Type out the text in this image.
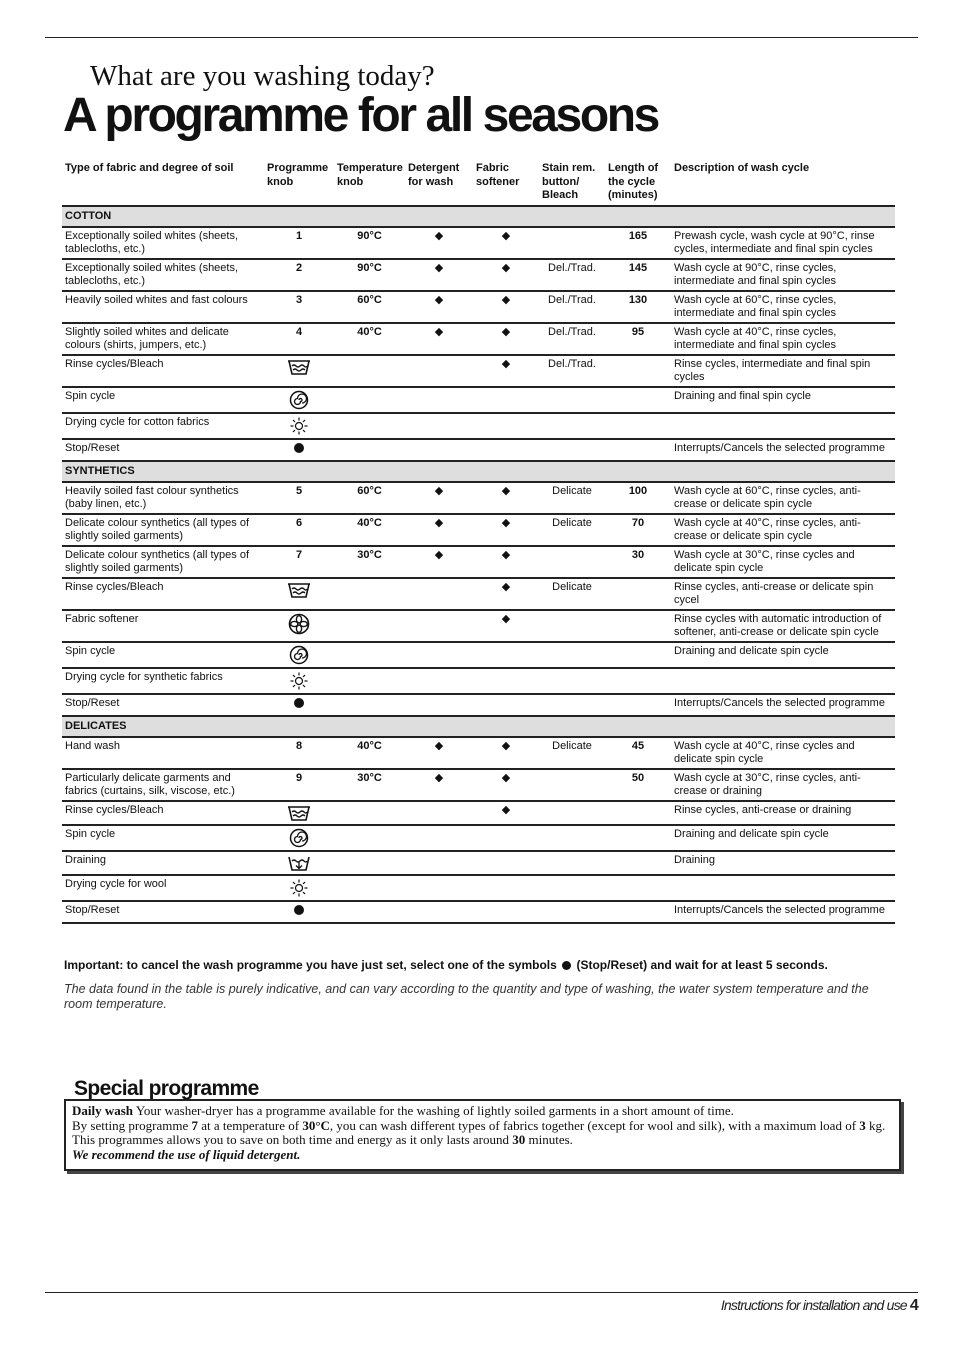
What are you washing today?
A programme for all seasons
Type of fabric and degree of soil	Programme knob	Temperature knob	Detergent for wash	Fabric softener	Stain rem. button/ Bleach	Length of the cycle (minutes)	Description of wash cycle
COTTON							
Exceptionally soiled whites (sheets, tablecloths, etc.)	1	90°C	◆	◆		165	Prewash cycle, wash cycle at 90°C, rinse cycles, intermediate and final spin cycles
Exceptionally soiled whites (sheets, tablecloths, etc.)	2	90°C	◆	◆	Del./Trad.	145	Wash cycle at 90°C, rinse cycles, intermediate and final spin cycles
Heavily soiled whites and fast colours	3	60°C	◆	◆	Del./Trad.	130	Wash cycle at 60°C, rinse cycles, intermediate and final spin cycles
Slightly soiled whites and delicate colours (shirts, jumpers, etc.)	4	40°C	◆	◆	Del./Trad.	95	Wash cycle at 40°C, rinse cycles, intermediate and final spin cycles
Rinse cycles/Bleach				◆	Del./Trad.		Rinse cycles, intermediate and final spin cycles
Spin cycle							Draining and final spin cycle
Drying cycle for cotton fabrics							
Stop/Reset							Interrupts/Cancels the selected programme
SYNTHETICS							
Heavily soiled fast colour synthetics (baby linen, etc.)	5	60°C	◆	◆	Delicate	100	Wash cycle at 60°C, rinse cycles, anti-crease or delicate spin cycle
Delicate colour synthetics (all types of slightly soiled garments)	6	40°C	◆	◆	Delicate	70	Wash cycle at 40°C, rinse cycles, anti-crease or delicate spin cycle
Delicate colour synthetics (all types of slightly soiled garments)	7	30°C	◆	◆		30	Wash cycle at 30°C, rinse cycles and delicate spin cycle
Rinse cycles/Bleach				◆	Delicate		Rinse cycles, anti-crease or delicate spin cycel
Fabric softener				◆			Rinse cycles with automatic introduction of softener, anti-crease or delicate spin cycle
Spin cycle							Draining and delicate spin cycle
Drying cycle for synthetic fabrics							
Stop/Reset							Interrupts/Cancels the selected programme
DELICATES							
Hand wash	8	40°C	◆	◆	Delicate	45	Wash cycle at 40°C, rinse cycles and delicate spin cycle
Particularly delicate garments and fabrics (curtains, silk, viscose, etc.)	9	30°C	◆	◆		50	Wash cycle at 30°C, rinse cycles, anti-crease or draining
Rinse cycles/Bleach				◆			Rinse cycles, anti-crease or draining
Spin cycle							Draining and delicate spin cycle
Draining							Draining
Drying cycle for wool							
Stop/Reset							Interrupts/Cancels the selected programme
Important: to cancel the wash programme you have just set, select one of the symbols (Stop/Reset) and wait for at least 5 seconds.
The data found in the table is purely indicative, and can vary according to the quantity and type of washing, the water system temperature and the room temperature.
Special programme
Daily wash Your washer-dryer has a programme available for the washing of lightly soiled garments in a short amount of time.
By setting programme 7 at a temperature of 30°C, you can wash different types of fabrics together (except for wool and silk), with a maximum load of 3 kg. This programmes allows you to save on both time and energy as it only lasts around 30 minutes.
We recommend the use of liquid detergent.
Instructions for installation and use 4
